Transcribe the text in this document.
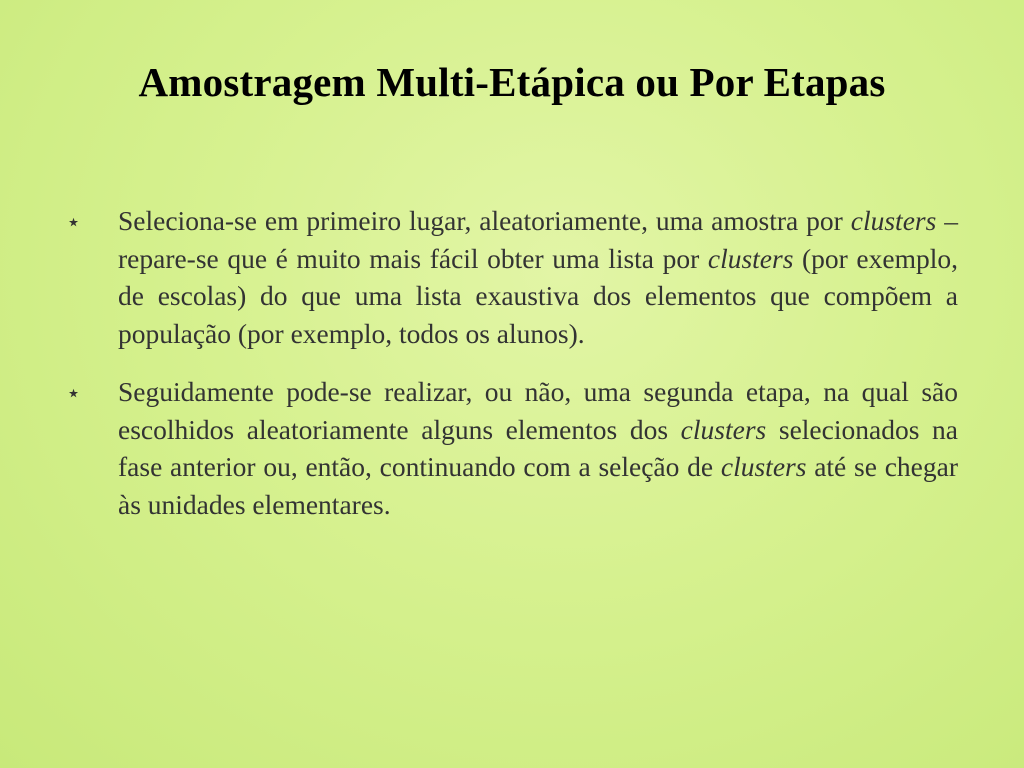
Amostragem Multi-Etápica ou Por Etapas
⋆ Seleciona-se em primeiro lugar, aleatoriamente, uma amostra por clusters – repare-se que é muito mais fácil obter uma lista por clusters (por exemplo, de escolas) do que uma lista exaustiva dos elementos que compõem a população (por exemplo, todos os alunos).
⋆ Seguidamente pode-se realizar, ou não, uma segunda etapa, na qual são escolhidos aleatoriamente alguns elementos dos clusters selecionados na fase anterior ou, então, continuando com a seleção de clusters até se chegar às unidades elementares.
